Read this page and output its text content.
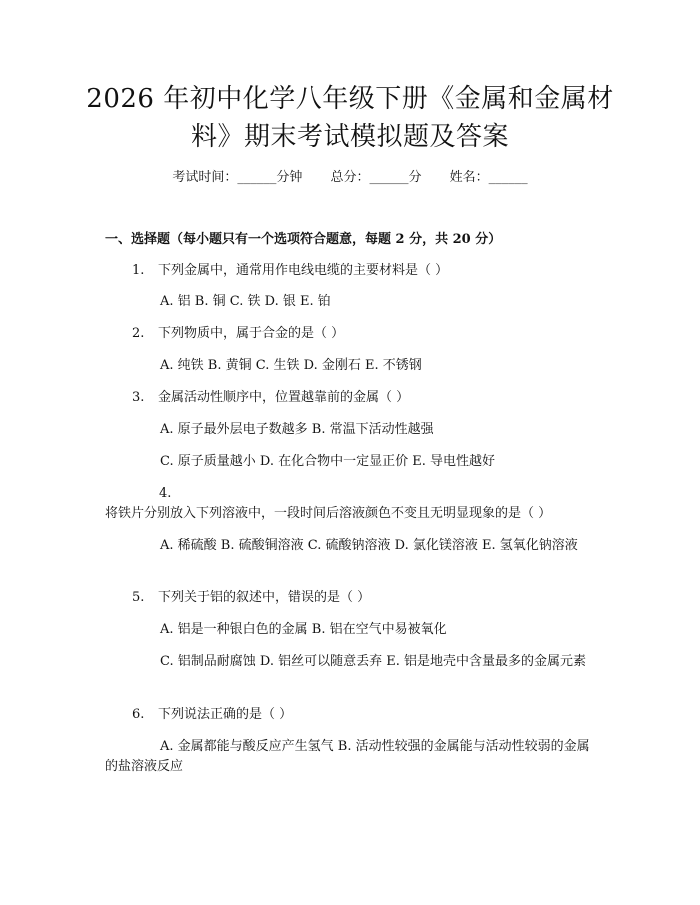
2026 年初中化学八年级下册《金属和金属材
料》期末考试模拟题及答案
考试时间：______分钟 总分：______分 姓名：______
一、选择题（每小题只有一个选项符合题意，每题 2 分，共 20 分）
1. 下列金属中，通常用作电线电缆的主要材料是（ ）
A. 铝 B. 铜 C. 铁 D. 银 E. 铂
2. 下列物质中，属于合金的是（ ）
A. 纯铁 B. 黄铜 C. 生铁 D. 金刚石 E. 不锈钢
3. 金属活动性顺序中，位置越靠前的金属（ ）
A. 原子最外层电子数越多 B. 常温下活动性越强
C. 原子质量越小 D. 在化合物中一定显正价 E. 导电性越好
4.将铁片分别放入下列溶液中，一段时间后溶液颜色不变且无明显现象的是（ ）
A. 稀硫酸 B. 硫酸铜溶液 C. 硫酸钠溶液 D. 氯化镁溶液 E. 氢氧化钠溶液
5. 下列关于铝的叙述中，错误的是（ ）
A. 铝是一种银白色的金属 B. 铝在空气中易被氧化
C. 铝制品耐腐蚀 D. 铝丝可以随意丢弃 E. 铝是地壳中含量最多的金属元素
6. 下列说法正确的是（ ）
A. 金属都能与酸反应产生氢气 B. 活动性较强的金属能与活动性较弱的金属的盐溶液反应
